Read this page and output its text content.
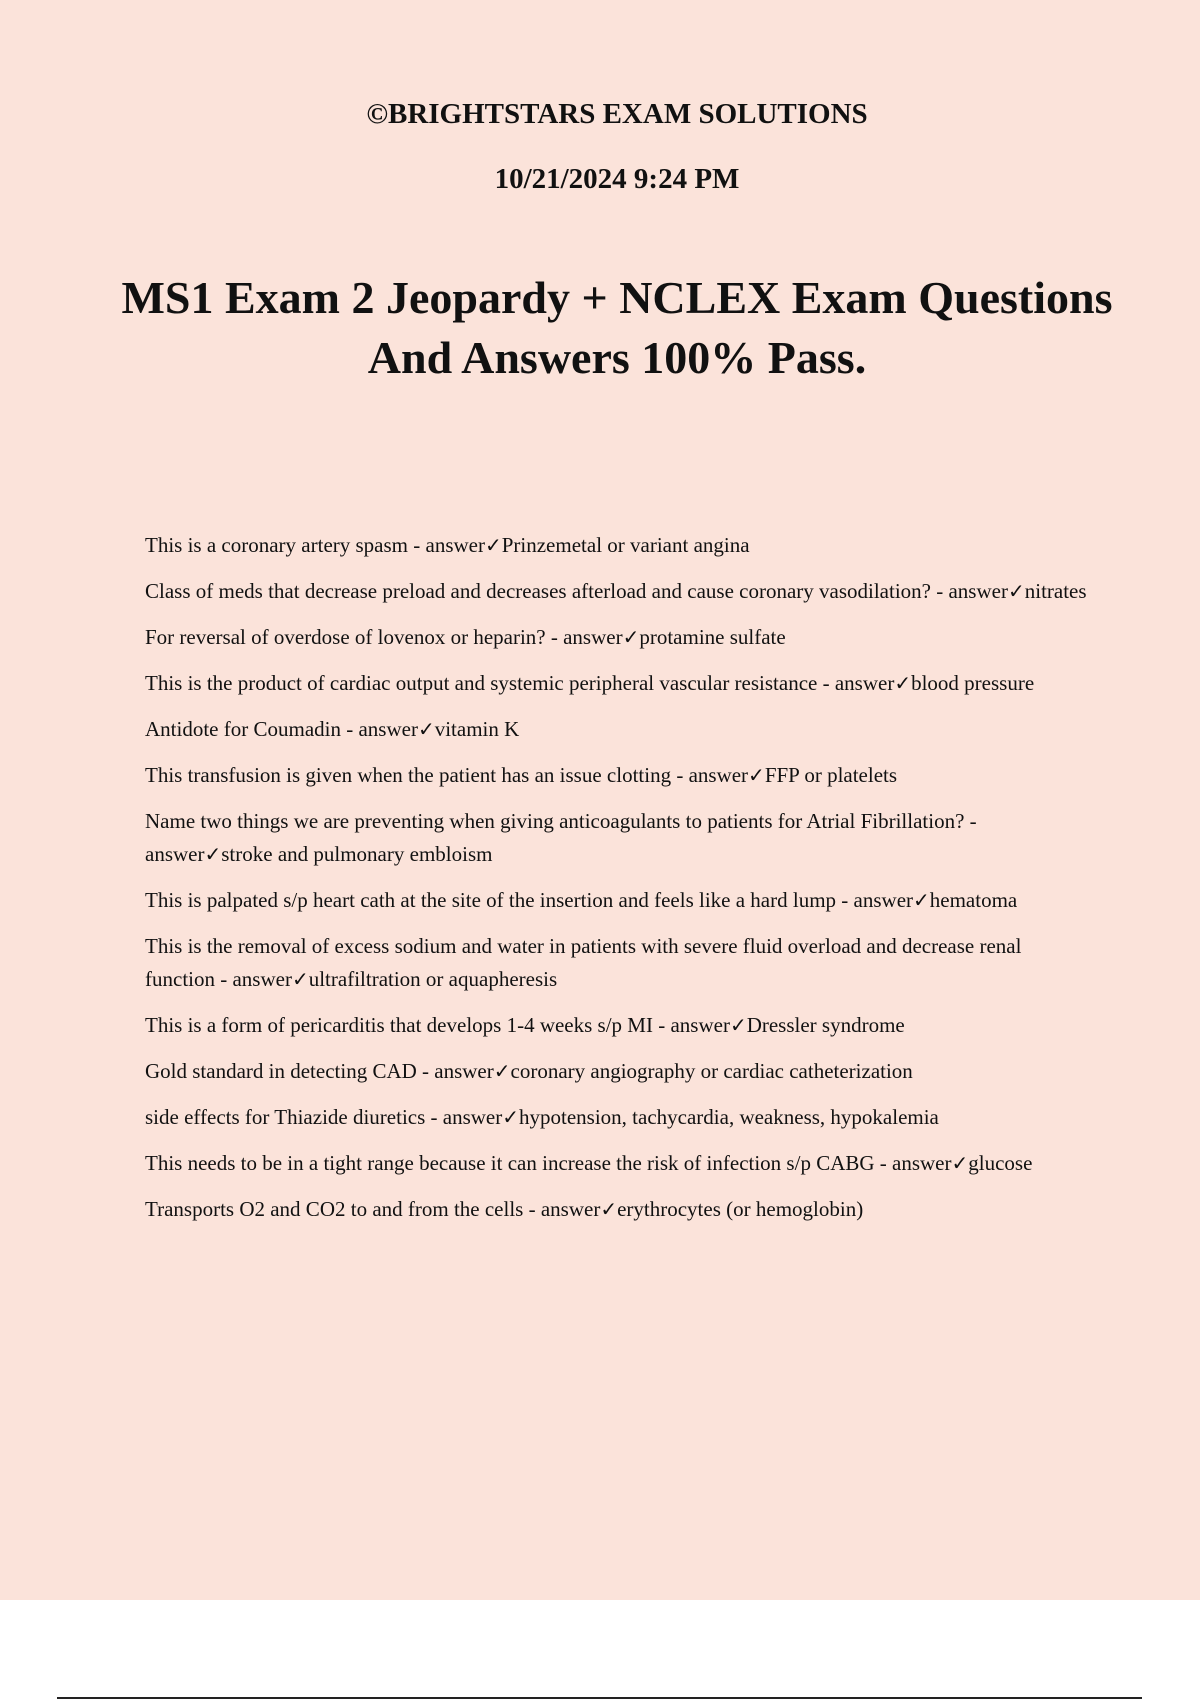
©BRIGHTSTARS EXAM SOLUTIONS
10/21/2024 9:24 PM
MS1 Exam 2 Jeopardy + NCLEX Exam Questions And Answers 100% Pass.
This is a coronary artery spasm - answer✓Prinzemetal or variant angina
Class of meds that decrease preload and decreases afterload and cause coronary vasodilation? - answer✓nitrates
For reversal of overdose of lovenox or heparin? - answer✓protamine sulfate
This is the product of cardiac output and systemic peripheral vascular resistance - answer✓blood pressure
Antidote for Coumadin - answer✓vitamin K
This transfusion is given when the patient has an issue clotting - answer✓FFP or platelets
Name two things we are preventing when giving anticoagulants to patients for Atrial Fibrillation? - answer✓stroke and pulmonary embloism
This is palpated s/p heart cath at the site of the insertion and feels like a hard lump - answer✓hematoma
This is the removal of excess sodium and water in patients with severe fluid overload and decrease renal function - answer✓ultrafiltration or aquapheresis
This is a form of pericarditis that develops 1-4 weeks s/p MI - answer✓Dressler syndrome
Gold standard in detecting CAD - answer✓coronary angiography or cardiac catheterization
side effects for Thiazide diuretics - answer✓hypotension, tachycardia, weakness, hypokalemia
This needs to be in a tight range because it can increase the risk of infection s/p CABG - answer✓glucose
Transports O2 and CO2 to and from the cells - answer✓erythrocytes (or hemoglobin)
